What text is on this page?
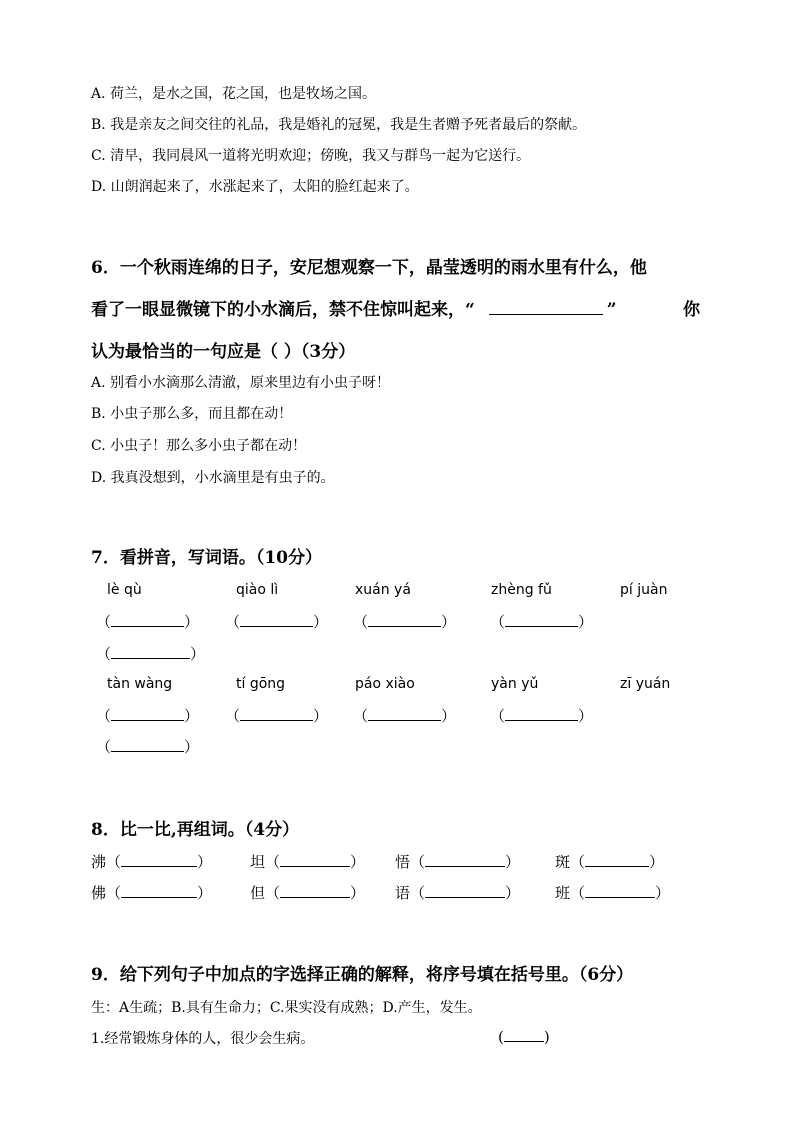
A. 荷兰，是水之国，花之国，也是牧场之国。
B. 我是亲友之间交往的礼品，我是婚礼的冠冕，我是生者赠予死者最后的祭献。
C. 清早，我同晨风一道将光明欢迎；傍晚，我又与群鸟一起为它送行。
D. 山朗润起来了，水涨起来了，太阳的脸红起来了。
6．一个秋雨连绵的日子，安尼想观察一下，晶莹透明的雨水里有什么，他
看了一眼显微镜下的小水滴后，禁不住惊叫起来，“	”	你
认为最恰当的一句应是（ ）（3分）
A. 别看小水滴那么清澈，原来里边有小虫子呀！
B. 小虫子那么多，而且都在动！
C. 小虫子！那么多小虫子都在动！
D. 我真没想到，小水滴里是有虫子的。
7．看拼音，写词语。（10分）
lè qù	qiào lì	xuán yá	zhèng fǔ	pí juàn
（	） （	） （	） （	）
（	）
tàn wàng	tí gōng	páo xiào	yàn yǔ	zī yuán
（	） （	） （	） （	）
（	）
8．比一比,再组词。（4分）
沸（	）	坦（	） 悟（	） 斑（	）
佛（	）	但（	） 语（	） 班（	）
9．给下列句子中加点的字选择正确的解释，将序号填在括号里。（6分）
生：A生疏；B.具有生命力；C.果实没有成熟；D.产生，发生。
1.经常锻炼身体的人，很少会生病。	(	)
